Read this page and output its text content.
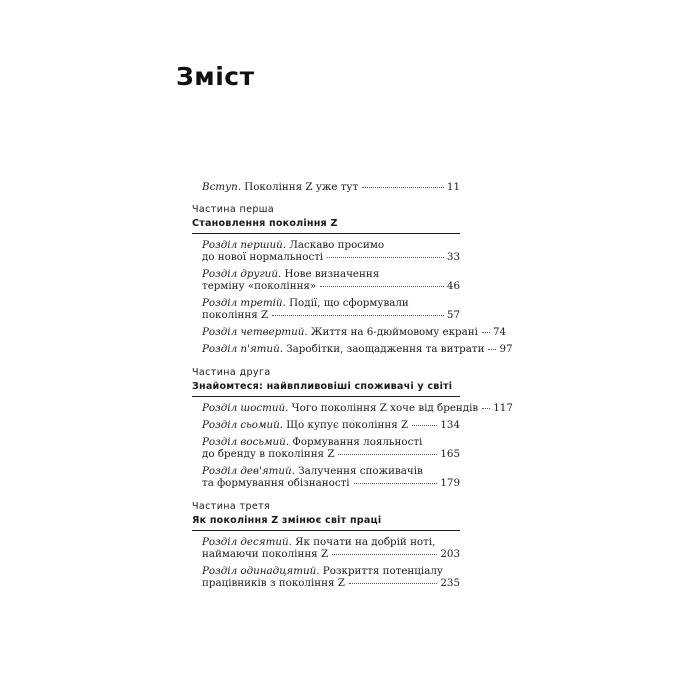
Зміст
Вступ. Покоління Z уже тут	11
Частина перша
Становлення покоління Z
Розділ перший. Ласкаво просимо
до нової нормальності	33
Розділ другий. Нове визначення
терміну «покоління»	46
Розділ третій. Події, що сформували
покоління Z	57
Розділ четвертий. Життя на 6-дюймовому екрані 74
Розділ п'ятий. Заробітки, заощадження та витрати 97
Частина друга
Знайомтеся: найвпливовіші споживачі у світі
Розділ шостий. Чого покоління Z хоче від брендів 117
Розділ сьомий. Що купує покоління Z	134
Розділ восьмий. Формування лояльності
до бренду в покоління Z	165
Розділ дев'ятий. Залучення споживачів
та формування обізнаності	179
Частина третя
Як покоління Z змінює світ праці
Розділ десятий. Як почати на добрій ноті,
наймаючи покоління Z	203
Розділ одинадцятий. Розкриття потенціалу
працівників з покоління Z	235
